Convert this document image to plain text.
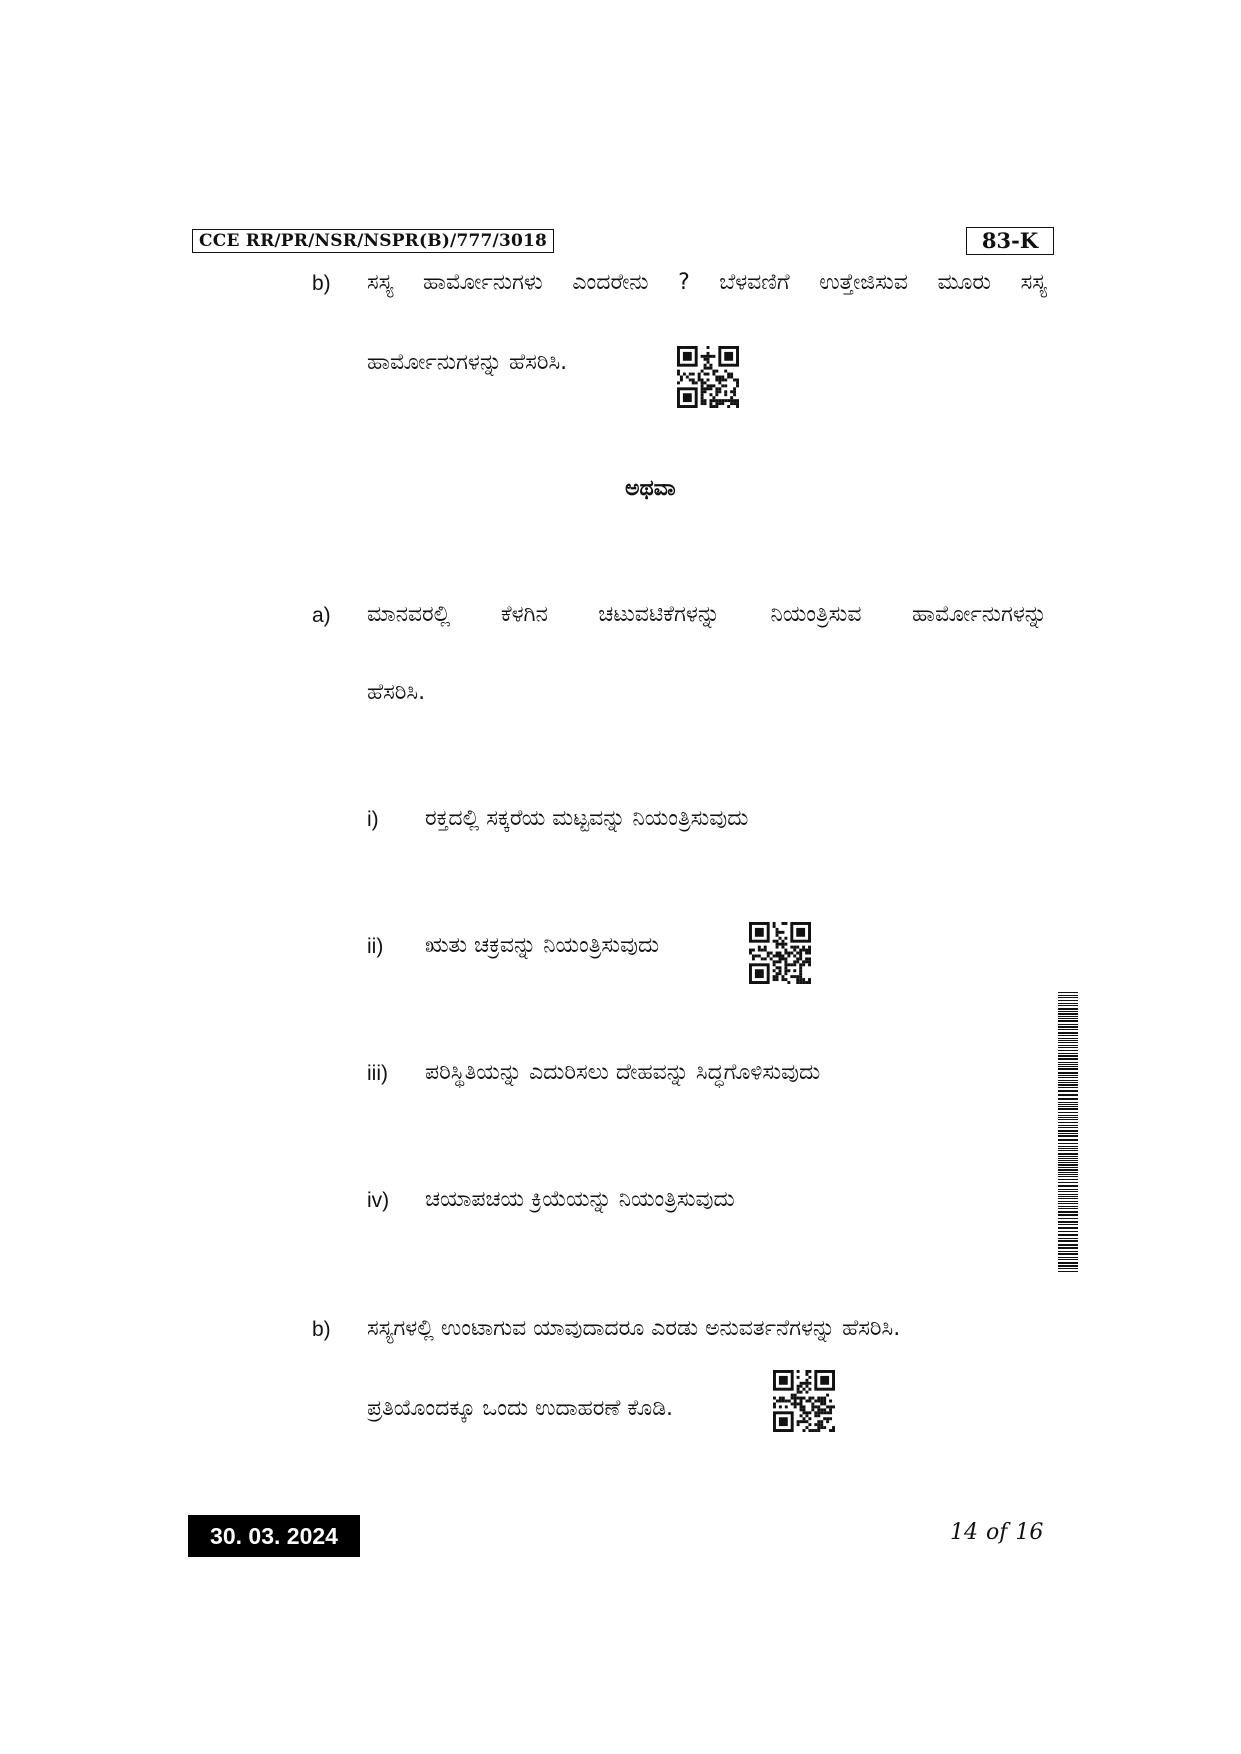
CCE RR/PR/NSR/NSPR(B)/777/3018	83-K
b) ಸಸ್ಯ ಹಾರ್ಮೋನುಗಳು ಎಂದರೇನು ? ಬೆಳವಣಿಗೆ ಉತ್ತೇಜಿಸುವ ಮೂರು ಸಸ್ಯ
ಹಾರ್ಮೋನುಗಳನ್ನು ಹೆಸರಿಸಿ.
ಅಥವಾ
a) ಮಾನವರಲ್ಲಿ ಕೆಳಗಿನ ಚಟುವಟಿಕೆಗಳನ್ನು ನಿಯಂತ್ರಿಸುವ ಹಾರ್ಮೋನುಗಳನ್ನು
ಹೆಸರಿಸಿ.
i) ರಕ್ತದಲ್ಲಿ ಸಕ್ಕರೆಯ ಮಟ್ಟವನ್ನು ನಿಯಂತ್ರಿಸುವುದು
ii) ಋತು ಚಕ್ರವನ್ನು ನಿಯಂತ್ರಿಸುವುದು
iii) ಪರಿಸ್ಥಿತಿಯನ್ನು ಎದುರಿಸಲು ದೇಹವನ್ನು ಸಿದ್ಧಗೊಳಿಸುವುದು
iv) ಚಯಾಪಚಯ ಕ್ರಿಯೆಯನ್ನು ನಿಯಂತ್ರಿಸುವುದು
b) ಸಸ್ಯಗಳಲ್ಲಿ ಉಂಟಾಗುವ ಯಾವುದಾದರೂ ಎರಡು ಅನುವರ್ತನೆಗಳನ್ನು ಹೆಸರಿಸಿ.
ಪ್ರತಿಯೊಂದಕ್ಕೂ ಒಂದು ಉದಾಹರಣೆ ಕೊಡಿ.
30. 03. 2024	14 of 16
